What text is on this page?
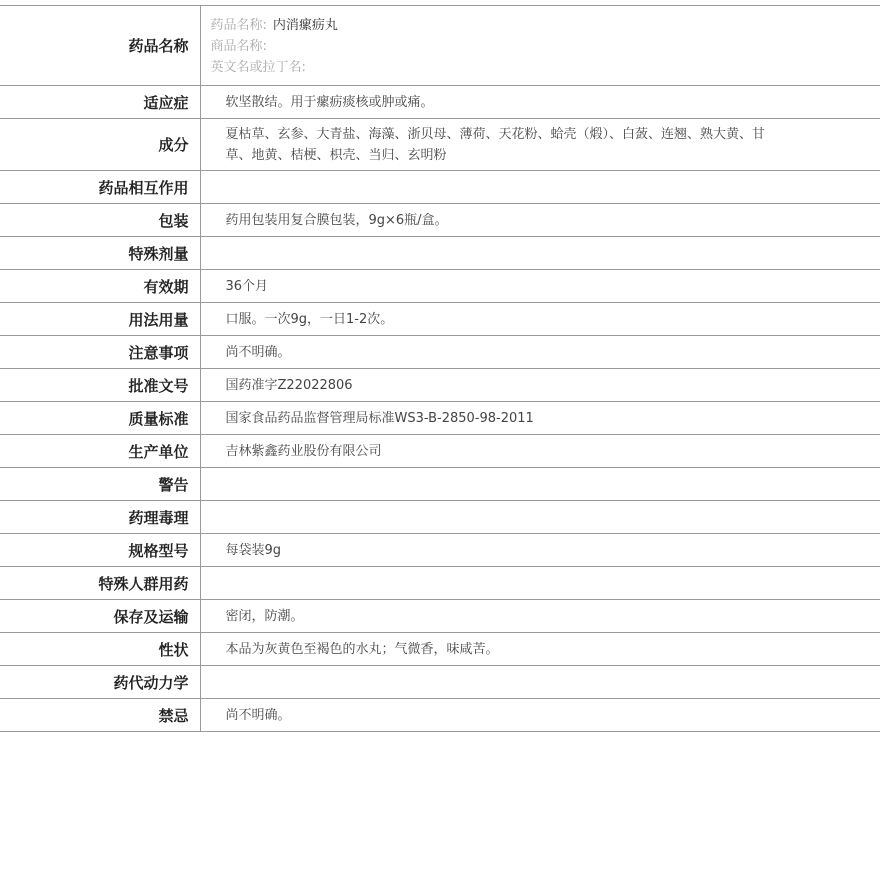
药品名称	药品名称: 内消瘰疬丸
商品名称:
英文名或拉丁名:

适应症	软坚散结。用于瘰疬痰核或肿或痛。
成分	夏枯草、玄参、大青盐、海藻、浙贝母、薄荷、天花粉、蛤壳（煅）、白蔹、连翘、熟大黄、甘草、地黄、桔梗、枳壳、当归、玄明粉
药品相互作用	
包装	药用包装用复合膜包装，9g×6瓶/盒。
特殊剂量	
有效期	36个月
用法用量	口服。一次9g，一日1-2次。
注意事项	尚不明确。
批准文号	国药准字Z22022806
质量标准	国家食品药品监督管理局标准WS3-B-2850-98-2011
生产单位	吉林紫鑫药业股份有限公司
警告	
药理毒理	
规格型号	每袋装9g
特殊人群用药	
保存及运输	密闭，防潮。
性状	本品为灰黄色至褐色的水丸；气微香，味咸苦。
药代动力学	
禁忌	尚不明确。
